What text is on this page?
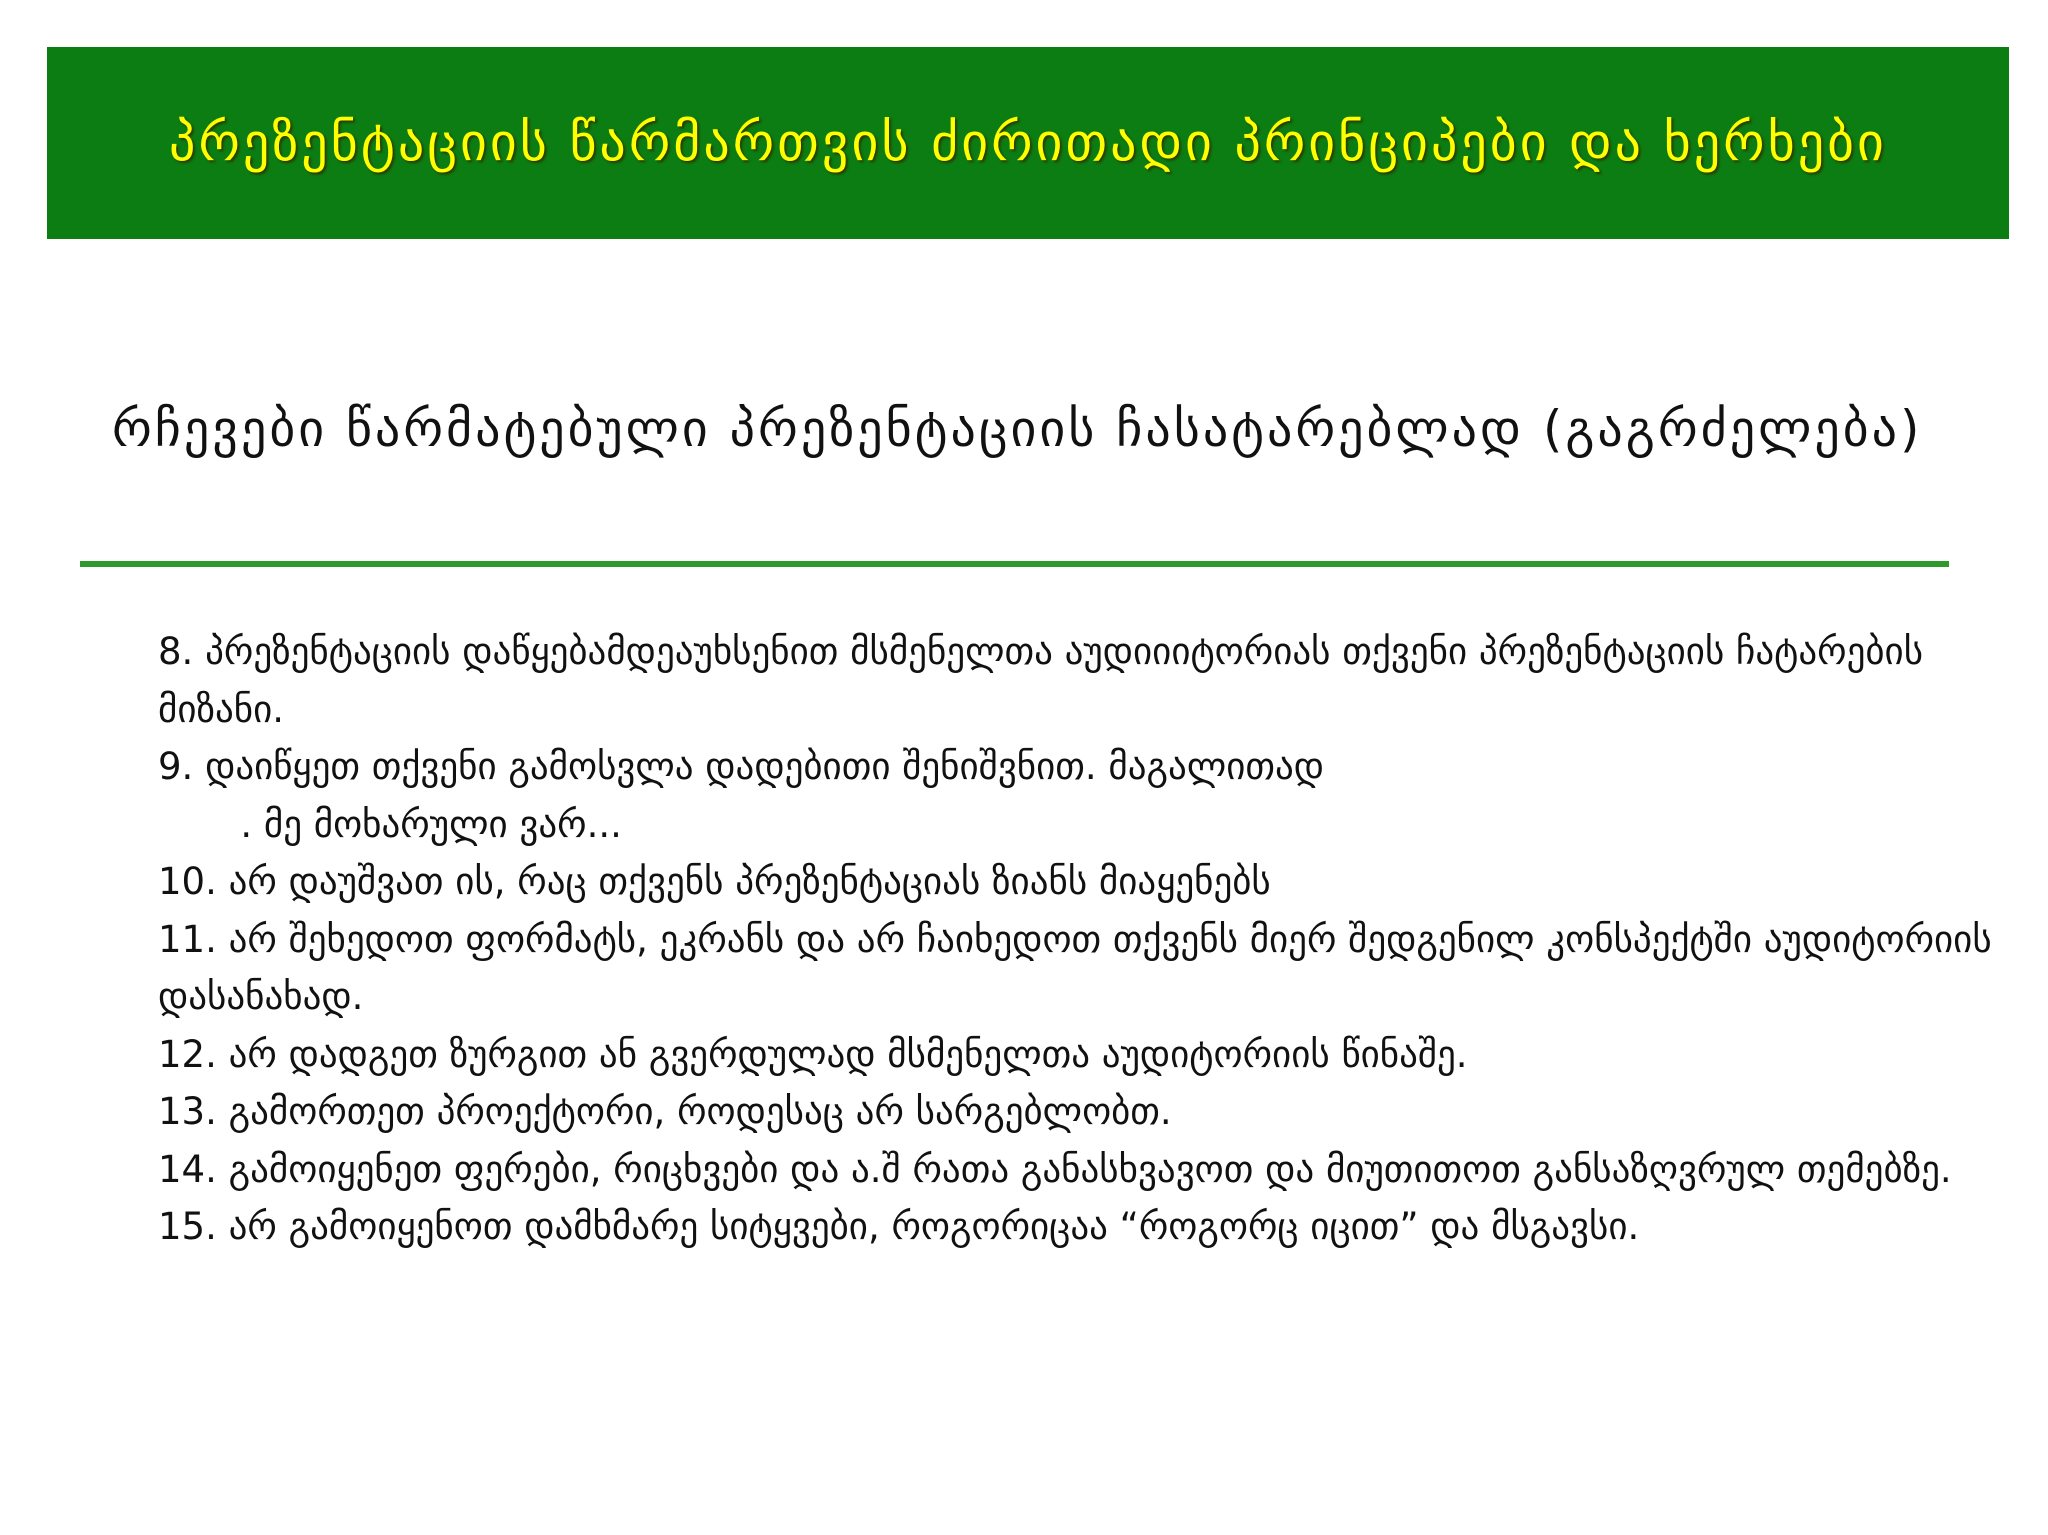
პრეზენტაციის წარმართვის ძირითადი პრინციპები და ხერხები
რჩევები წარმატებული პრეზენტაციის ჩასატარებლად (გაგრძელება)
8. პრეზენტაციის დაწყებამდეაუხსენით მსმენელთა აუდიიიტორიას თქვენი პრეზენტაციის ჩატარების მიზანი.
9. დაიწყეთ თქვენი გამოსვლა დადებითი შენიშვნით. მაგალითად
. მე მოხარული ვარ...
10. არ დაუშვათ ის, რაც თქვენს პრეზენტაციას ზიანს მიაყენებს
11. არ შეხედოთ ფორმატს, ეკრანს და არ ჩაიხედოთ თქვენს მიერ შედგენილ კონსპექტში აუდიტორიის დასანახად.
12. არ დადგეთ ზურგით ან გვერდულად მსმენელთა აუდიტორიის წინაშე.
13. გამორთეთ პროექტორი, როდესაც არ სარგებლობთ.
14. გამოიყენეთ ფერები, რიცხვები და ა.შ რათა განასხვავოთ და მიუთითოთ განსაზღვრულ თემებზე.
15. არ გამოიყენოთ დამხმარე სიტყვები, როგორიცაა “როგორც იცით” და მსგავსი.
